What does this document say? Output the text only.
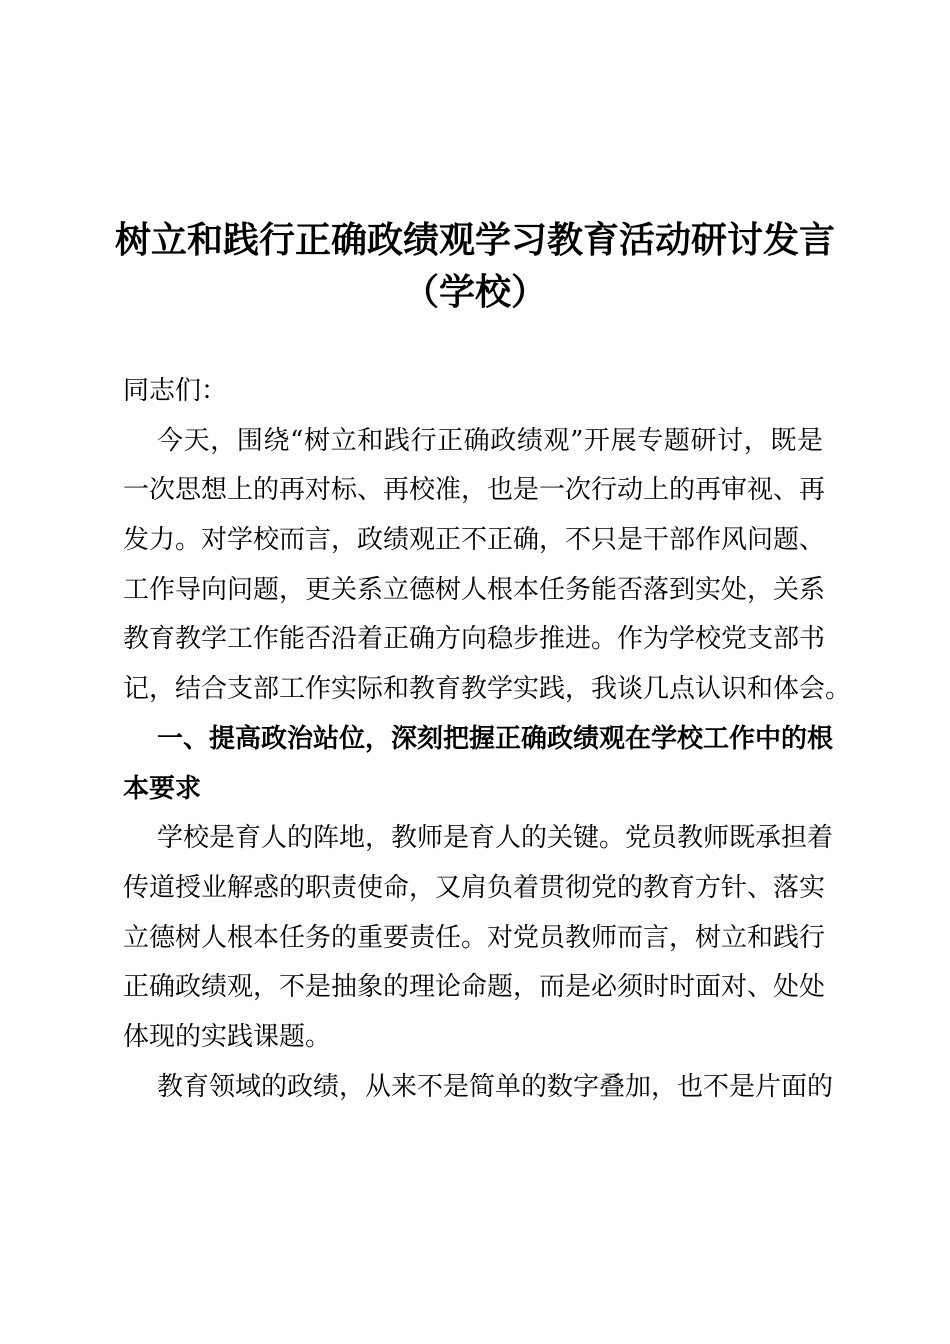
树立和践行正确政绩观学习教育活动研讨发言
（学校）
同志们：
今天，围绕“树立和践行正确政绩观”开展专题研讨，既是
一次思想上的再对标、再校准，也是一次行动上的再审视、再
发力。对学校而言，政绩观正不正确，不只是干部作风问题、
工作导向问题，更关系立德树人根本任务能否落到实处，关系
教育教学工作能否沿着正确方向稳步推进。作为学校党支部书
记，结合支部工作实际和教育教学实践，我谈几点认识和体会。
一、提高政治站位，深刻把握正确政绩观在学校工作中的根
本要求
学校是育人的阵地，教师是育人的关键。党员教师既承担着
传道授业解惑的职责使命，又肩负着贯彻党的教育方针、落实
立德树人根本任务的重要责任。对党员教师而言，树立和践行
正确政绩观，不是抽象的理论命题，而是必须时时面对、处处
体现的实践课题。
教育领域的政绩，从来不是简单的数字叠加，也不是片面的
